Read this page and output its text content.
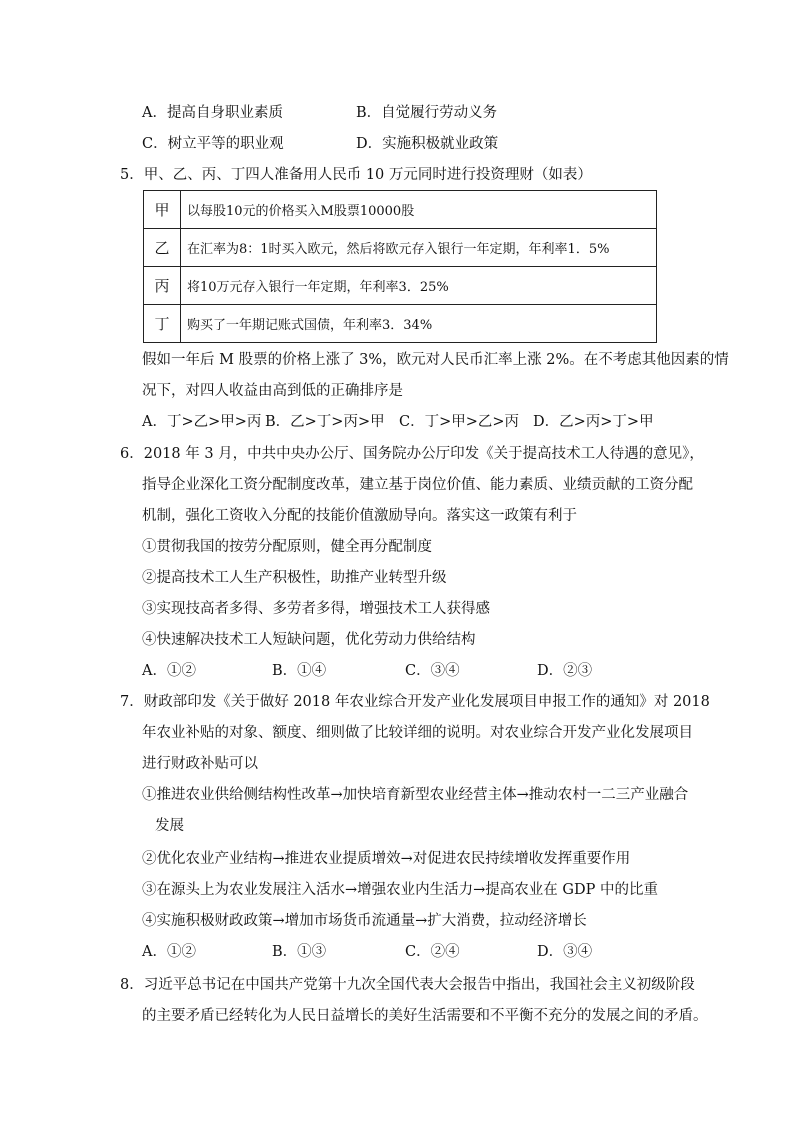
A．提高自身职业素质	B．自觉履行劳动义务
C．树立平等的职业观	D．实施积极就业政策
5．甲、乙、丙、丁四人准备用人民币 10 万元同时进行投资理财（如表）
甲	以每股10元的价格买入M股票10000股
乙	在汇率为8：1时买入欧元，然后将欧元存入银行一年定期，年利率1．5%
丙	将10万元存入银行一年定期，年利率3．25%
丁	购买了一年期记账式国债，年利率3．34%
假如一年后 M 股票的价格上涨了 3%，欧元对人民币汇率上涨 2%。在不考虑其他因素的情
况下，对四人收益由高到低的正确排序是
A．丁>乙>甲>丙 B．乙>丁>丙>甲 C．丁>甲>乙>丙 D．乙>丙>丁>甲
6．2018 年 3 月，中共中央办公厅、国务院办公厅印发《关于提高技术工人待遇的意见》，
指导企业深化工资分配制度改革，建立基于岗位价值、能力素质、业绩贡献的工资分配
机制，强化工资收入分配的技能价值激励导向。落实这一政策有利于
①贯彻我国的按劳分配原则，健全再分配制度
②提高技术工人生产积极性，助推产业转型升级
③实现技高者多得、多劳者多得，增强技术工人获得感
④快速解决技术工人短缺问题，优化劳动力供给结构
A．①②	B．①④	C．③④	D．②③
7．财政部印发《关于做好 2018 年农业综合开发产业化发展项目申报工作的通知》对 2018
年农业补贴的对象、额度、细则做了比较详细的说明。对农业综合开发产业化发展项目
进行财政补贴可以
①推进农业供给侧结构性改革→加快培育新型农业经营主体→推动农村一二三产业融合
发展
②优化农业产业结构→推进农业提质增效→对促进农民持续增收发挥重要作用
③在源头上为农业发展注入活水→增强农业内生活力→提高农业在 GDP 中的比重
④实施积极财政政策→增加市场货币流通量→扩大消费，拉动经济增长
A．①②	B．①③	C．②④	D．③④
8．习近平总书记在中国共产党第十九次全国代表大会报告中指出，我国社会主义初级阶段
的主要矛盾已经转化为人民日益增长的美好生活需要和不平衡不充分的发展之间的矛盾。
